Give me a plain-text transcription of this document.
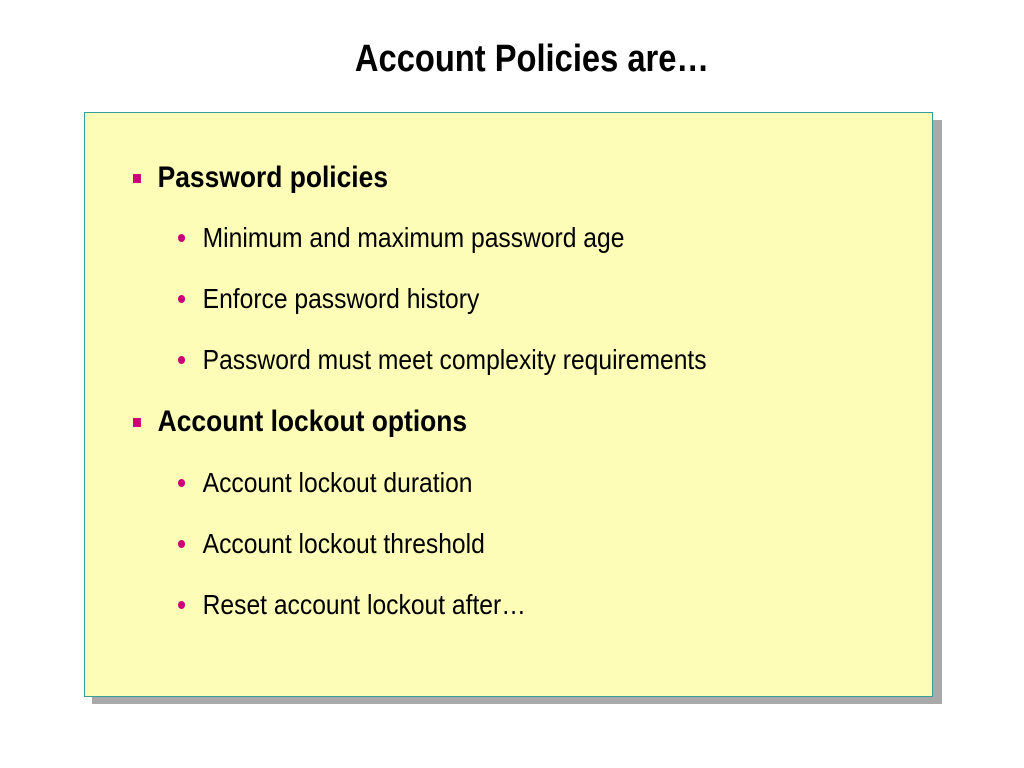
Account Policies are…
Password policies
Minimum and maximum password age
Enforce password history
Password must meet complexity requirements
Account lockout options
Account lockout duration
Account lockout threshold
Reset account lockout after…
